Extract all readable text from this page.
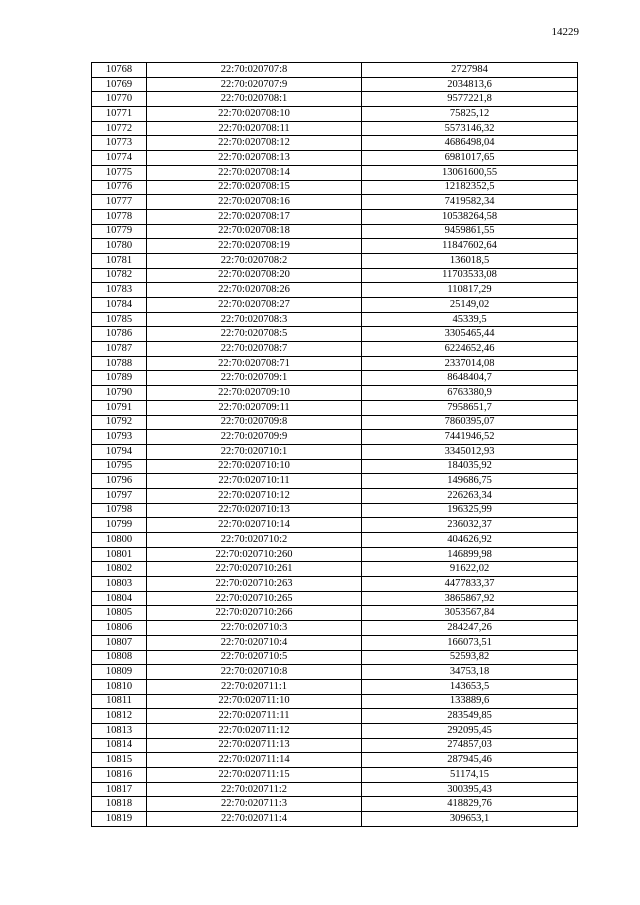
14229
10768	22:70:020707:8	2727984
10769	22:70:020707:9	2034813,6
10770	22:70:020708:1	9577221,8
10771	22:70:020708:10	75825,12
10772	22:70:020708:11	5573146,32
10773	22:70:020708:12	4686498,04
10774	22:70:020708:13	6981017,65
10775	22:70:020708:14	13061600,55
10776	22:70:020708:15	12182352,5
10777	22:70:020708:16	7419582,34
10778	22:70:020708:17	10538264,58
10779	22:70:020708:18	9459861,55
10780	22:70:020708:19	11847602,64
10781	22:70:020708:2	136018,5
10782	22:70:020708:20	11703533,08
10783	22:70:020708:26	110817,29
10784	22:70:020708:27	25149,02
10785	22:70:020708:3	45339,5
10786	22:70:020708:5	3305465,44
10787	22:70:020708:7	6224652,46
10788	22:70:020708:71	2337014,08
10789	22:70:020709:1	8648404,7
10790	22:70:020709:10	6763380,9
10791	22:70:020709:11	7958651,7
10792	22:70:020709:8	7860395,07
10793	22:70:020709:9	7441946,52
10794	22:70:020710:1	3345012,93
10795	22:70:020710:10	184035,92
10796	22:70:020710:11	149686,75
10797	22:70:020710:12	226263,34
10798	22:70:020710:13	196325,99
10799	22:70:020710:14	236032,37
10800	22:70:020710:2	404626,92
10801	22:70:020710:260	146899,98
10802	22:70:020710:261	91622,02
10803	22:70:020710:263	4477833,37
10804	22:70:020710:265	3865867,92
10805	22:70:020710:266	3053567,84
10806	22:70:020710:3	284247,26
10807	22:70:020710:4	166073,51
10808	22:70:020710:5	52593,82
10809	22:70:020710:8	34753,18
10810	22:70:020711:1	143653,5
10811	22:70:020711:10	133889,6
10812	22:70:020711:11	283549,85
10813	22:70:020711:12	292095,45
10814	22:70:020711:13	274857,03
10815	22:70:020711:14	287945,46
10816	22:70:020711:15	51174,15
10817	22:70:020711:2	300395,43
10818	22:70:020711:3	418829,76
10819	22:70:020711:4	309653,1
